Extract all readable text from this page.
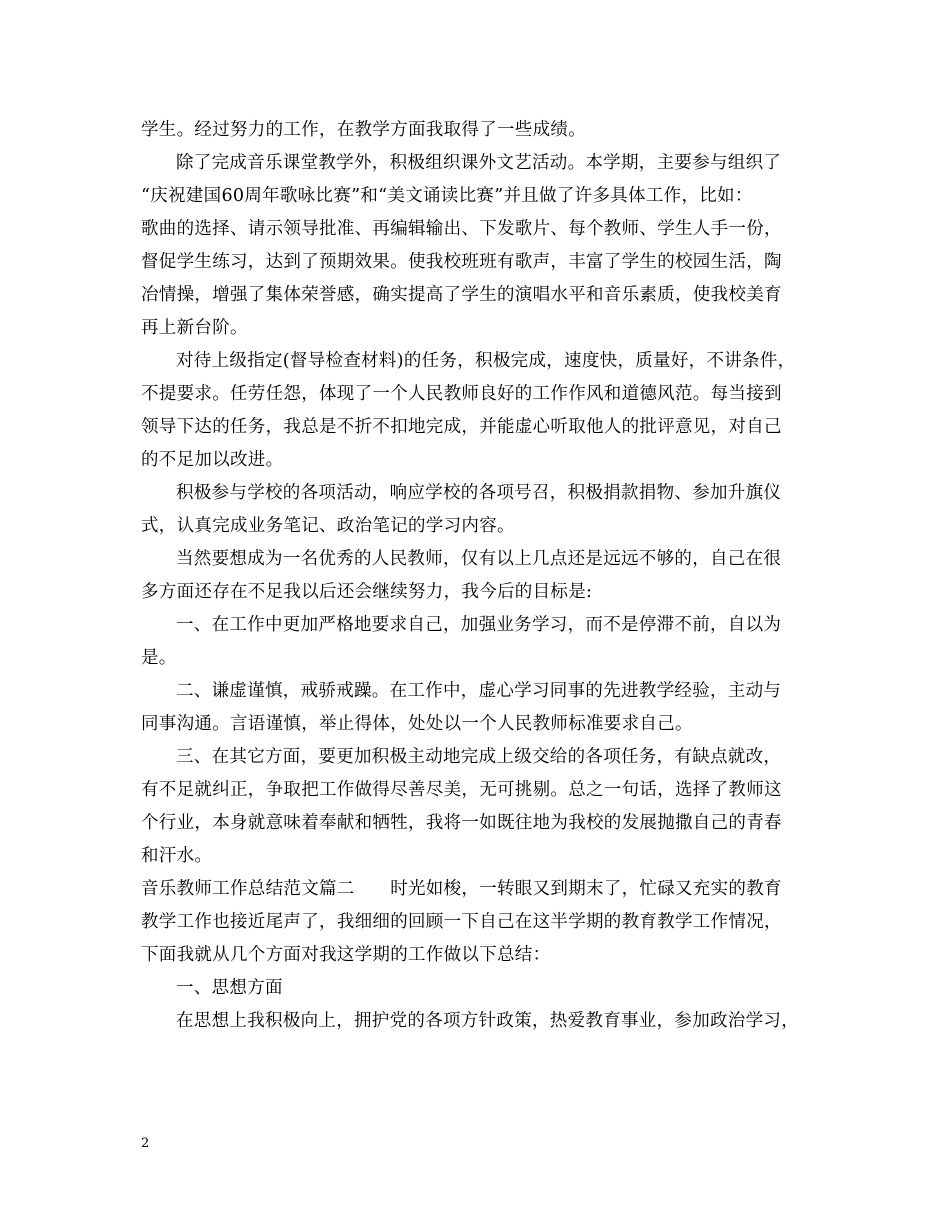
学生。经过努力的工作，在教学方面我取得了一些成绩。
除了完成音乐课堂教学外，积极组织课外文艺活动。本学期，主要参与组织了
“庆祝建国60周年歌咏比赛”和“美文诵读比赛”并且做了许多具体工作，比如：
歌曲的选择、请示领导批准、再编辑输出、下发歌片、每个教师、学生人手一份，
督促学生练习，达到了预期效果。使我校班班有歌声，丰富了学生的校园生活，陶
冶情操，增强了集体荣誉感，确实提高了学生的演唱水平和音乐素质，使我校美育
再上新台阶。
对待上级指定(督导检查材料)的任务，积极完成，速度快，质量好，不讲条件，
不提要求。任劳任怨，体现了一个人民教师良好的工作作风和道德风范。每当接到
领导下达的任务，我总是不折不扣地完成，并能虚心听取他人的批评意见，对自己
的不足加以改进。
积极参与学校的各项活动，响应学校的各项号召，积极捐款捐物、参加升旗仪
式，认真完成业务笔记、政治笔记的学习内容。
当然要想成为一名优秀的人民教师，仅有以上几点还是远远不够的，自己在很
多方面还存在不足我以后还会继续努力，我今后的目标是:
一、在工作中更加严格地要求自己，加强业务学习，而不是停滞不前，自以为
是。
二、谦虚谨慎，戒骄戒躁。在工作中，虚心学习同事的先进教学经验，主动与
同事沟通。言语谨慎，举止得体，处处以一个人民教师标准要求自己。
三、在其它方面，要更加积极主动地完成上级交给的各项任务，有缺点就改，
有不足就纠正，争取把工作做得尽善尽美，无可挑剔。总之一句话，选择了教师这
个行业，本身就意味着奉献和牺牲，我将一如既往地为我校的发展抛撒自己的青春
和汗水。
音乐教师工作总结范文篇二　　时光如梭，一转眼又到期末了，忙碌又充实的教育
教学工作也接近尾声了，我细细的回顾一下自己在这半学期的教育教学工作情况，
下面我就从几个方面对我这学期的工作做以下总结：
一、思想方面
在思想上我积极向上，拥护党的各项方针政策，热爱教育事业，参加政治学习，
2
